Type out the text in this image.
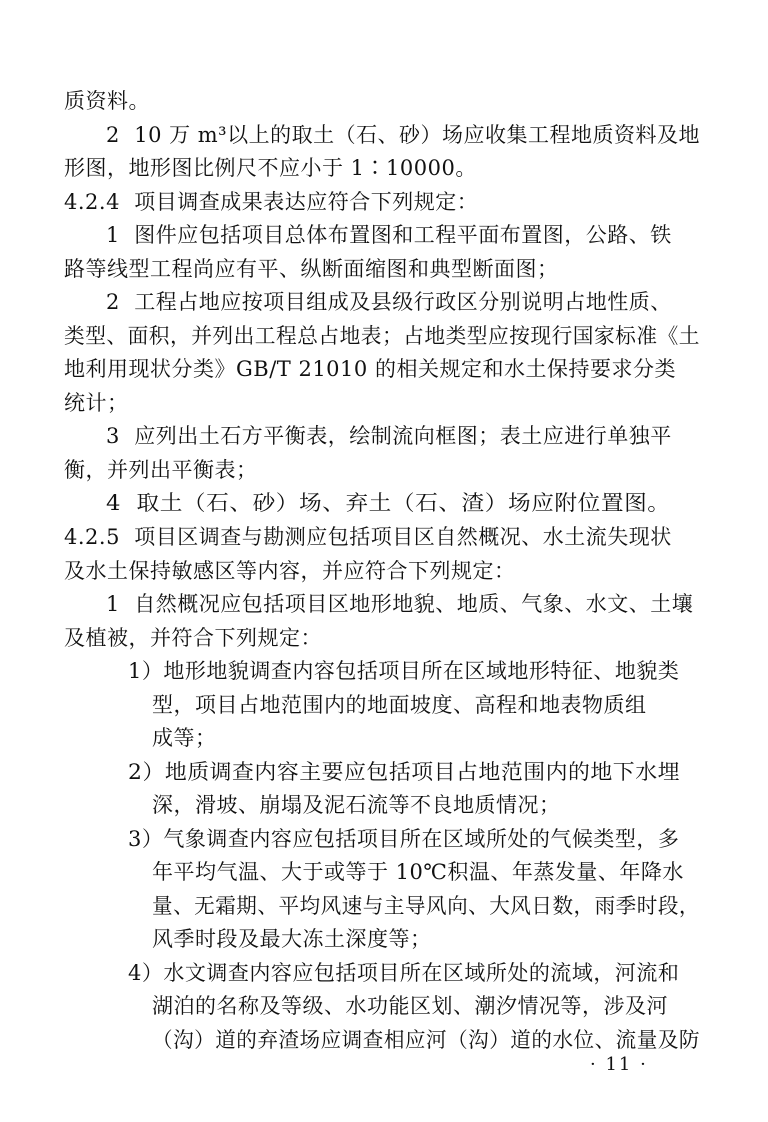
质资料。
2  10 万 m³以上的取土（石、砂）场应收集工程地质资料及地
形图，地形图比例尺不应小于 1∶10000。
4.2.4  项目调查成果表达应符合下列规定：
1  图件应包括项目总体布置图和工程平面布置图，公路、铁
路等线型工程尚应有平、纵断面缩图和典型断面图；
2  工程占地应按项目组成及县级行政区分别说明占地性质、
类型、面积，并列出工程总占地表；占地类型应按现行国家标准《土
地利用现状分类》GB/T 21010 的相关规定和水土保持要求分类
统计；
3  应列出土石方平衡表，绘制流向框图；表土应进行单独平
衡，并列出平衡表；
4  取土（石、砂）场、弃土（石、渣）场应附位置图。
4.2.5  项目区调查与勘测应包括项目区自然概况、水土流失现状
及水土保持敏感区等内容，并应符合下列规定：
1  自然概况应包括项目区地形地貌、地质、气象、水文、土壤
及植被，并符合下列规定：
1）地形地貌调查内容包括项目所在区域地形特征、地貌类
型，项目占地范围内的地面坡度、高程和地表物质组
成等；
2）地质调查内容主要应包括项目占地范围内的地下水埋
深，滑坡、崩塌及泥石流等不良地质情况；
3）气象调查内容应包括项目所在区域所处的气候类型，多
年平均气温、大于或等于 10℃积温、年蒸发量、年降水
量、无霜期、平均风速与主导风向、大风日数，雨季时段，
风季时段及最大冻土深度等；
4）水文调查内容应包括项目所在区域所处的流域，河流和
湖泊的名称及等级、水功能区划、潮汐情况等，涉及河
（沟）道的弃渣场应调查相应河（沟）道的水位、流量及防
· 11 ·
